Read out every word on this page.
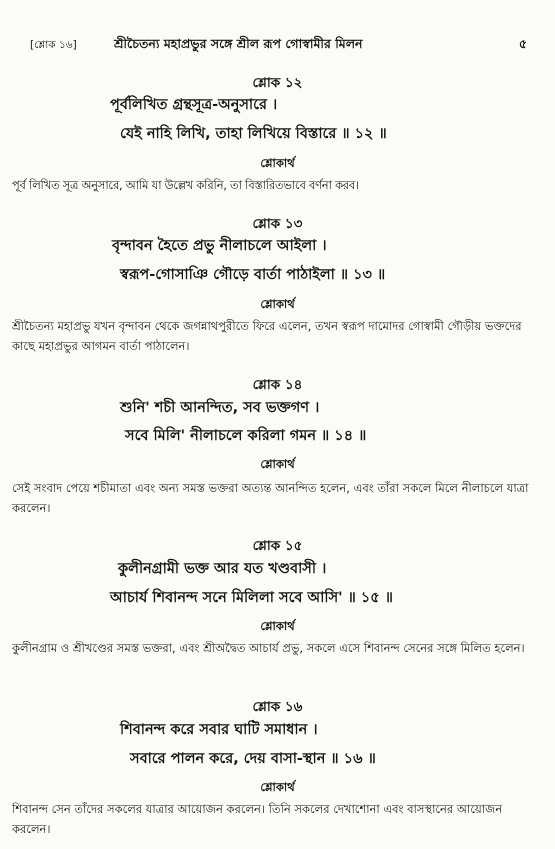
[শ্লোক ১৬]	শ্রীচৈতন্য মহাপ্রভুর সঙ্গে শ্রীল রূপ গোস্বামীর মিলন	৫
শ্লোক ১২
পূর্বলিখিত গ্রন্থসূত্র-অনুসারে ।
যেই নাহি লিখি, তাহা লিখিয়ে বিস্তারে ॥ ১২ ॥
শ্লোকার্থ
পূর্ব লিখিত সূত্র অনুসারে, আমি যা উল্লেখ করিনি, তা বিস্তারিতভাবে বর্ণনা করব।
শ্লোক ১৩
বৃন্দাবন হৈতে প্রভু নীলাচলে আইলা ।
স্বরূপ-গোসাঞি গৌড়ে বার্তা পাঠাইলা ॥ ১৩ ॥
শ্লোকার্থ
শ্রীচৈতন্য মহাপ্রভু যখন বৃন্দাবন থেকে জগন্নাথপুরীতে ফিরে এলেন, তখন স্বরূপ দামোদর গোস্বামী গৌড়ীয় ভক্তদের কাছে মহাপ্রভুর আগমন বার্তা পাঠালেন।
শ্লোক ১৪
শুনি' শচী আনন্দিত, সব ভক্তগণ ।
সবে মিলি' নীলাচলে করিলা গমন ॥ ১৪ ॥
শ্লোকার্থ
সেই সংবাদ পেয়ে শচীমাতা এবং অন্য সমস্ত ভক্তরা অত্যন্ত আনন্দিত হলেন, এবং তাঁরা সকলে মিলে নীলাচলে যাত্রা করলেন।
শ্লোক ১৫
কুলীনগ্রামী ভক্ত আর যত খণ্ডবাসী ।
আচার্য শিবানন্দ সনে মিলিলা সবে আসি' ॥ ১৫ ॥
শ্লোকার্থ
কুলীনগ্রাম ও শ্রীখণ্ডের সমস্ত ভক্তরা, এবং শ্রীঅদ্বৈত আচার্য প্রভু, সকলে এসে শিবানন্দ সেনের সঙ্গে মিলিত হলেন।
শ্লোক ১৬
শিবানন্দ করে সবার ঘাটি সমাধান ।
সবারে পালন করে, দেয় বাসা-স্থান ॥ ১৬ ॥
শ্লোকার্থ
শিবানন্দ সেন তাঁদের সকলের যাত্রার আয়োজন করলেন। তিনি সকলের দেখাশোনা এবং বাসস্থানের আয়োজন করলেন।
